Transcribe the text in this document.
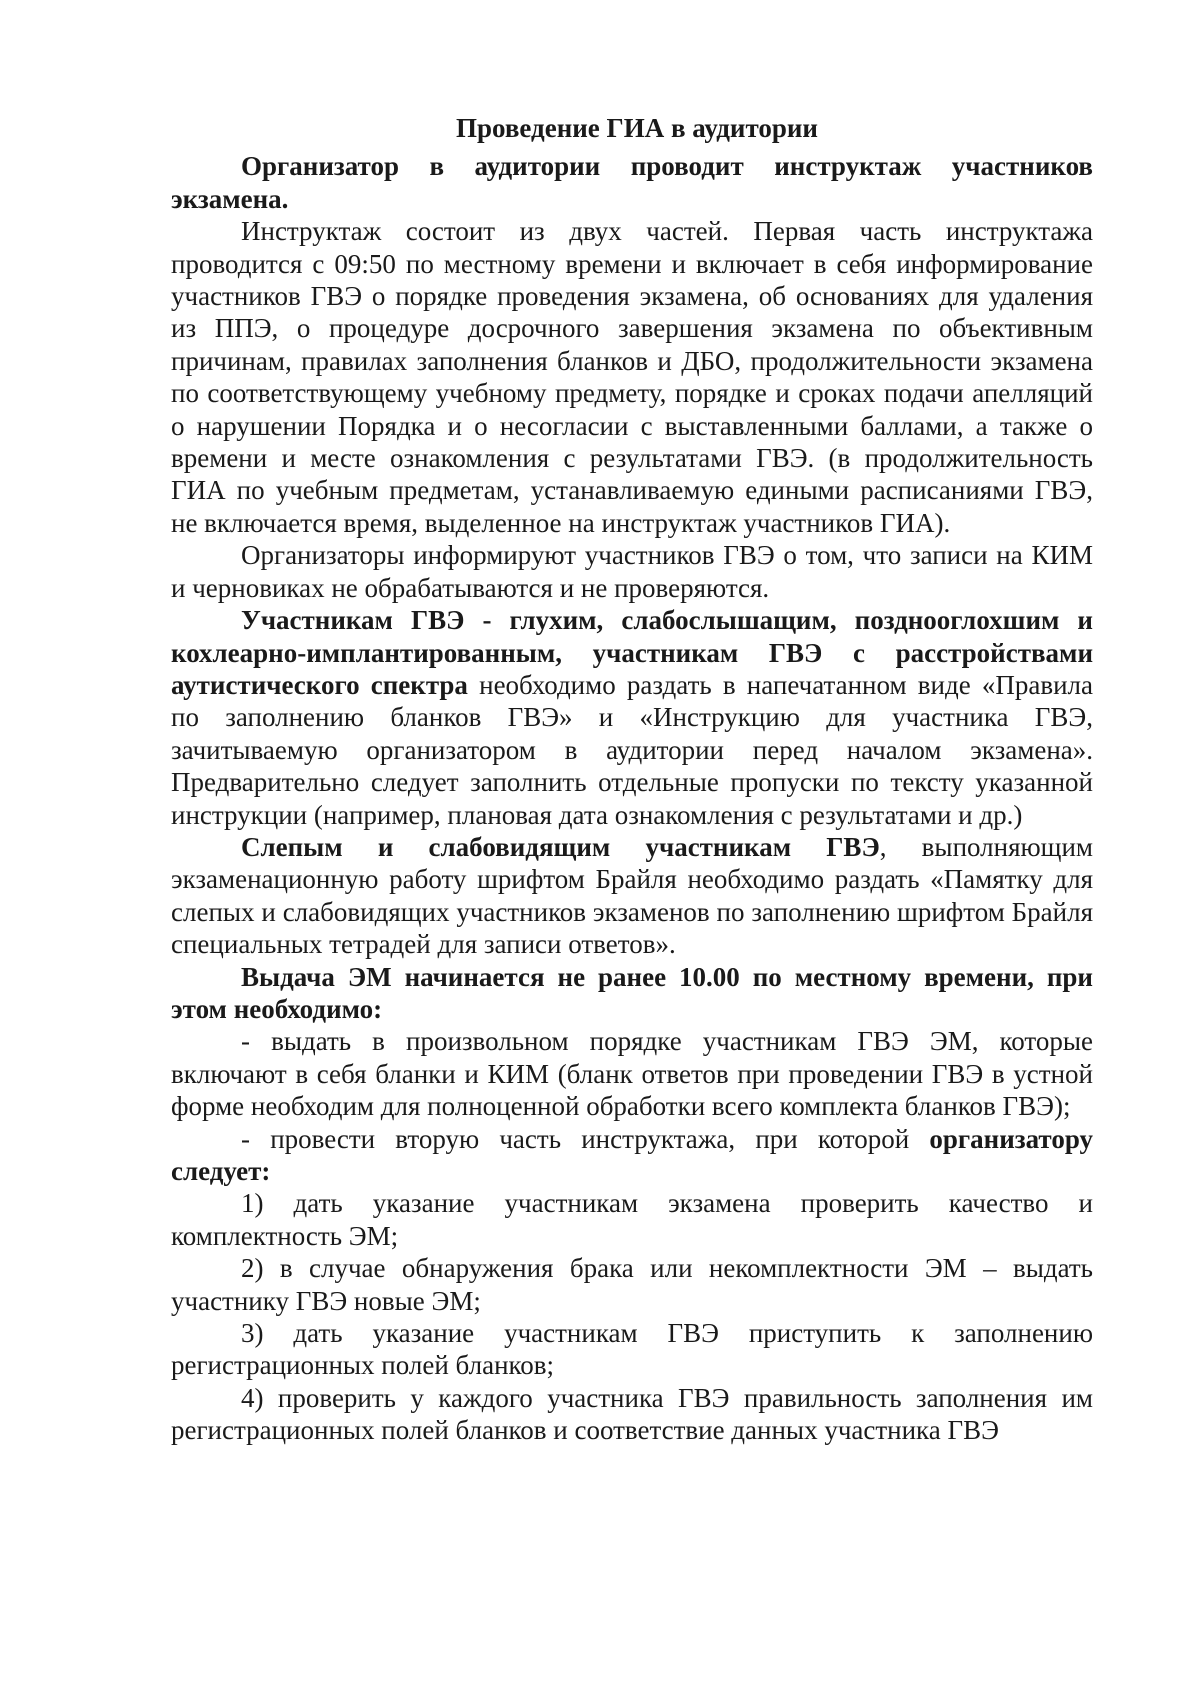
Проведение ГИА в аудитории

Организатор в аудитории проводит инструктаж участников экзамена.

Инструктаж состоит из двух частей. Первая часть инструктажа проводится с 09:50 по местному времени и включает в себя информирование участников ГВЭ о порядке проведения экзамена, об основаниях для удаления из ППЭ, о процедуре досрочного завершения экзамена по объективным причинам, правилах заполнения бланков и ДБО, продолжительности экзамена по соответствующему учебному предмету, порядке и сроках подачи апелляций о нарушении Порядка и о несогласии с выставленными баллами, а также о времени и месте ознакомления с результатами ГВЭ. (в продолжительность ГИА по учебным предметам, устанавливаемую едиными расписаниями ГВЭ, не включается время, выделенное на инструктаж участников ГИА).

Организаторы информируют участников ГВЭ о том, что записи на КИМ и черновиках не обрабатываются и не проверяются.

Участникам ГВЭ - глухим, слабослышащим, позднооглохшим и кохлеарно-имплантированным, участникам ГВЭ с расстройствами аутистического спектра необходимо раздать в напечатанном виде «Правила по заполнению бланков ГВЭ» и «Инструкцию для участника ГВЭ, зачитываемую организатором в аудитории перед началом экзамена». Предварительно следует заполнить отдельные пропуски по тексту указанной инструкции (например, плановая дата ознакомления с результатами и др.)

Слепым и слабовидящим участникам ГВЭ, выполняющим экзаменационную работу шрифтом Брайля необходимо раздать «Памятку для слепых и слабовидящих участников экзаменов по заполнению шрифтом Брайля специальных тетрадей для записи ответов».

Выдача ЭМ начинается не ранее 10.00 по местному времени, при этом необходимо:

- выдать в произвольном порядке участникам ГВЭ ЭМ, которые включают в себя бланки и КИМ (бланк ответов при проведении ГВЭ в устной форме необходим для полноценной обработки всего комплекта бланков ГВЭ);

- провести вторую часть инструктажа, при которой организатору следует:

1) дать указание участникам экзамена проверить качество и комплектность ЭМ;

2) в случае обнаружения брака или некомплектности ЭМ – выдать участнику ГВЭ новые ЭМ;

3) дать указание участникам ГВЭ приступить к заполнению регистрационных полей бланков;

4) проверить у каждого участника ГВЭ правильность заполнения им регистрационных полей бланков и соответствие данных участника ГВЭ
